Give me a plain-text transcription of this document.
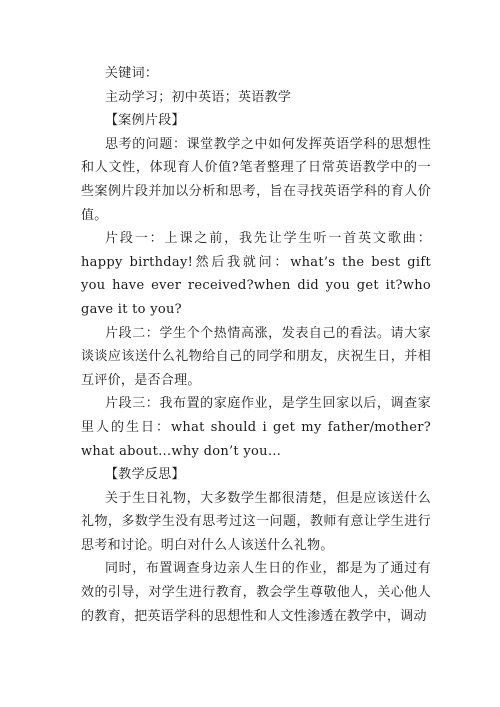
关键词：

主动学习；初中英语；英语教学

【案例片段】

思考的问题：课堂教学之中如何发挥英语学科的思想性和人文性，体现育人价值?笔者整理了日常英语教学中的一些案例片段并加以分析和思考，旨在寻找英语学科的育人价值。

片段一：上课之前，我先让学生听一首英文歌曲：happy birthday!然后我就问：what’s the best gift you have ever received?when did you get it?who gave it to you?

片段二：学生个个热情高涨，发表自己的看法。请大家谈谈应该送什么礼物给自己的同学和朋友，庆祝生日，并相互评价，是否合理。

片段三：我布置的家庭作业，是学生回家以后，调查家里人的生日：what should i get my father/mother?what about…why don’t you…

【教学反思】

关于生日礼物，大多数学生都很清楚，但是应该送什么礼物，多数学生没有思考过这一问题，教师有意让学生进行思考和讨论。明白对什么人该送什么礼物。

同时，布置调查身边亲人生日的作业，都是为了通过有效的引导，对学生进行教育，教会学生尊敬他人，关心他人的教育，把英语学科的思想性和人文性渗透在教学中，调动
